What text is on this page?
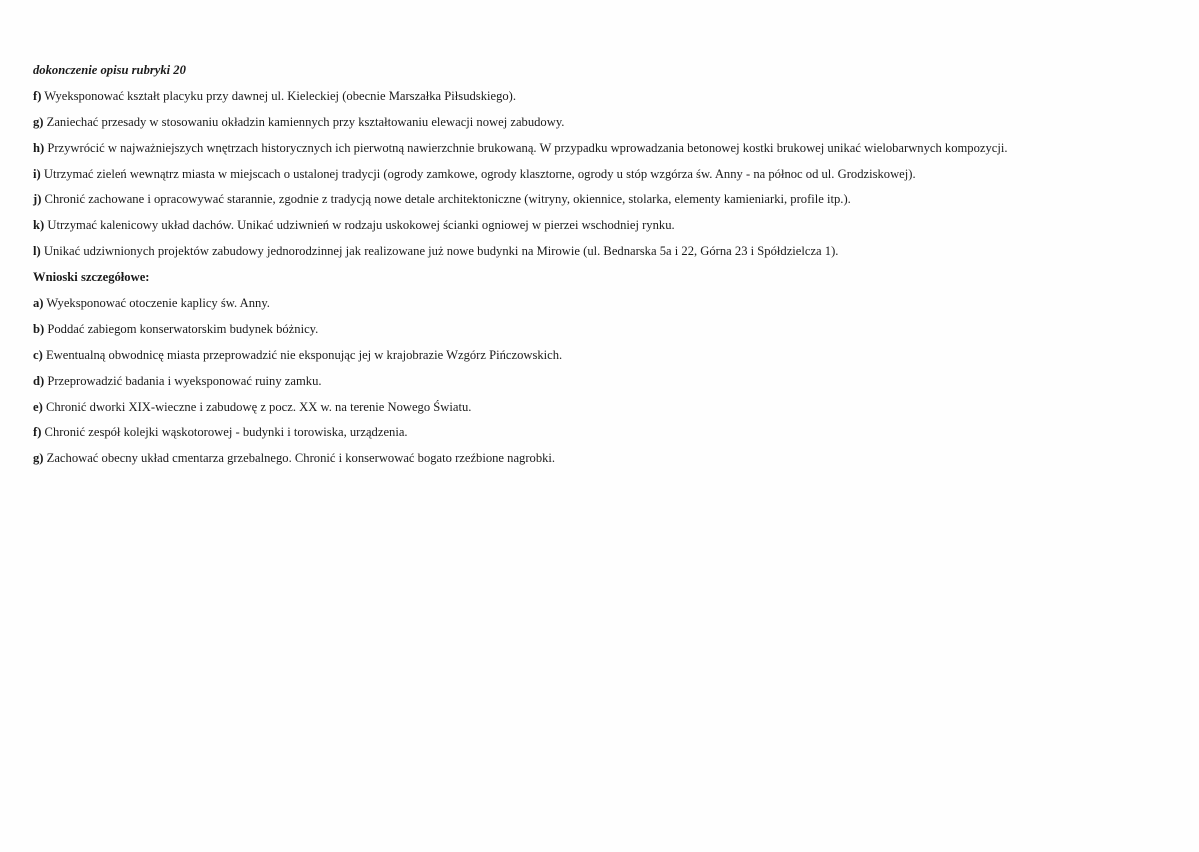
dokonczenie opisu rubryki 20
f) Wyeksponować kształt placyku przy dawnej ul. Kieleckiej (obecnie Marszałka Piłsudskiego).
g) Zaniechać przesady w stosowaniu okładzin kamiennych przy kształtowaniu elewacji nowej zabudowy.
h) Przywrócić w najważniejszych wnętrzach historycznych ich pierwotną nawierzchnie brukowaną. W przypadku wprowadzania betonowej kostki brukowej unikać wielobarwnych kompozycji.
i) Utrzymać zieleń wewnątrz miasta w miejscach o ustalonej tradycji (ogrody zamkowe, ogrody klasztorne, ogrody u stóp wzgórza św. Anny - na północ od ul. Grodziskowej).
j) Chronić zachowane i opracowywać starannie, zgodnie z tradycją nowe detale architektoniczne (witryny, okiennice, stolarka, elementy kamieniarki, profile itp.).
k) Utrzymać kalenicowy układ dachów. Unikać udziwnień w rodzaju uskokowej ścianki ogniowej w pierzei wschodniej rynku.
l) Unikać udziwnionych projektów zabudowy jednorodzinnej jak realizowane już nowe budynki na Mirowie (ul. Bednarska 5a i 22, Górna 23 i Spółdzielcza 1).
Wnioski szczegółowe:
a) Wyeksponować otoczenie kaplicy św. Anny.
b) Poddać zabiegom konserwatorskim budynek bóżnicy.
c) Ewentualną obwodnicę miasta przeprowadzić nie eksponując jej w krajobrazie Wzgórz Pińczowskich.
d) Przeprowadzić badania i wyeksponować ruiny zamku.
e) Chronić dworki XIX-wieczne i zabudowę z pocz. XX w. na terenie Nowego Światu.
f) Chronić zespół kolejki wąskotorowej - budynki i torowiska, urządzenia.
g) Zachować obecny układ cmentarza grzebalnego. Chronić i konserwować bogato rzeźbione nagrobki.
